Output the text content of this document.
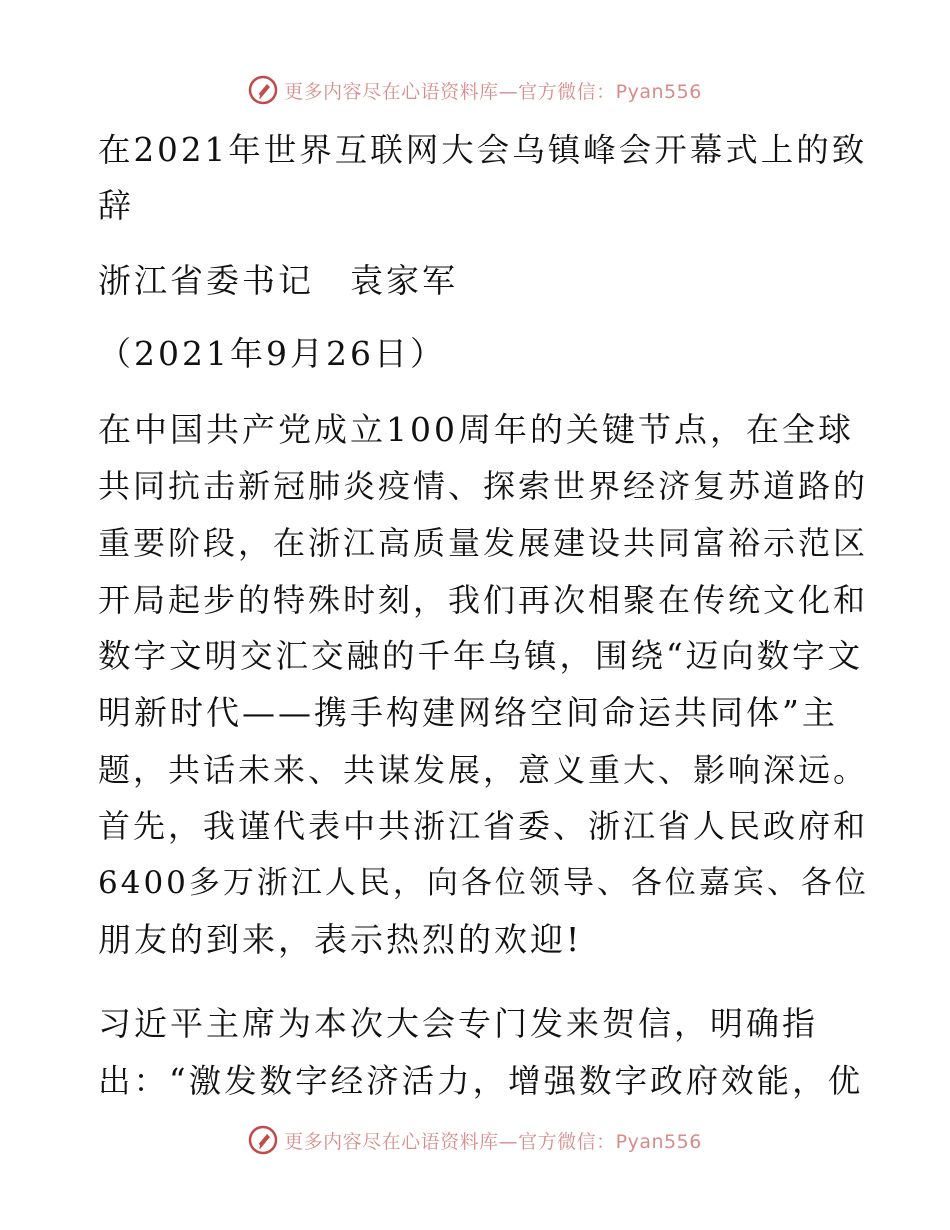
更多内容尽在心语资料库—官方微信：Pyan556
在2021年世界互联网大会乌镇峰会开幕式上的致
辞
浙江省委书记　袁家军
（2021年9月26日）
在中国共产党成立100周年的关键节点，在全球
共同抗击新冠肺炎疫情、探索世界经济复苏道路的
重要阶段，在浙江高质量发展建设共同富裕示范区
开局起步的特殊时刻，我们再次相聚在传统文化和
数字文明交汇交融的千年乌镇，围绕“迈向数字文
明新时代——携手构建网络空间命运共同体”主
题，共话未来、共谋发展，意义重大、影响深远。
首先，我谨代表中共浙江省委、浙江省人民政府和
6400多万浙江人民，向各位领导、各位嘉宾、各位
朋友的到来，表示热烈的欢迎!
习近平主席为本次大会专门发来贺信，明确指
出：“激发数字经济活力，增强数字政府效能，优
更多内容尽在心语资料库—官方微信：Pyan556
